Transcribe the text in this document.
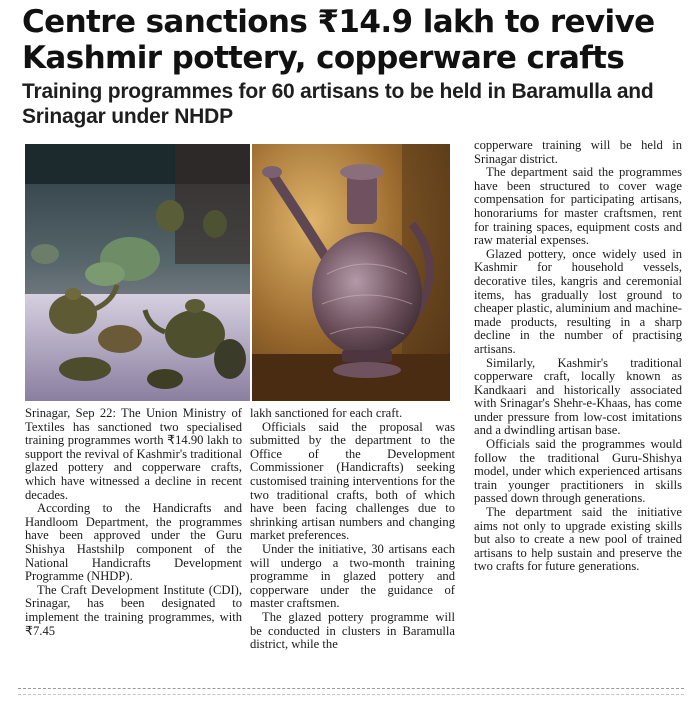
Centre sanctions ₹14.9 lakh to revive
Kashmir pottery, copperware crafts
Training programmes for 60 artisans to be held in Baramulla and
Srinagar under NHDP

Srinagar, Sep 22: The Union Ministry of Textiles has sanctioned two specialised training programmes worth ₹14.90 lakh to support the revival of Kashmir's traditional glazed pottery and copperware crafts, which have witnessed a decline in recent decades.

According to the Handicrafts and Handloom Department, the programmes have been approved under the Guru Shishya Hastshilp component of the National Handicrafts Development Programme (NHDP).

The Craft Development Institute (CDI), Srinagar, has been designated to implement the training programmes, with ₹7.45

lakh sanctioned for each craft.

Officials said the proposal was submitted by the department to the Office of the Development Commissioner (Handicrafts) seeking customised training interventions for the two traditional crafts, both of which have been facing challenges due to shrinking artisan numbers and changing market preferences.

Under the initiative, 30 artisans each will undergo a two-month training programme in glazed pottery and copperware under the guidance of master craftsmen.

The glazed pottery programme will be conducted in clusters in Baramulla district, while the

copperware training will be held in Srinagar district.

The department said the programmes have been structured to cover wage compensation for participating artisans, honorariums for master craftsmen, rent for training spaces, equipment costs and raw material expenses.

Glazed pottery, once widely used in Kashmir for household vessels, decorative tiles, kangris and ceremonial items, has gradually lost ground to cheaper plastic, aluminium and machine-made products, resulting in a sharp decline in the number of practising artisans.

Similarly, Kashmir's traditional copperware craft, locally known as Kandkaari and historically associated with Srinagar's Shehr-e-Khaas, has come under pressure from low-cost imitations and a dwindling artisan base.

Officials said the programmes would follow the traditional Guru-Shishya model, under which experienced artisans train younger practitioners in skills passed down through generations.

The department said the initiative aims not only to upgrade existing skills but also to create a new pool of trained artisans to help sustain and preserve the two crafts for future generations.
